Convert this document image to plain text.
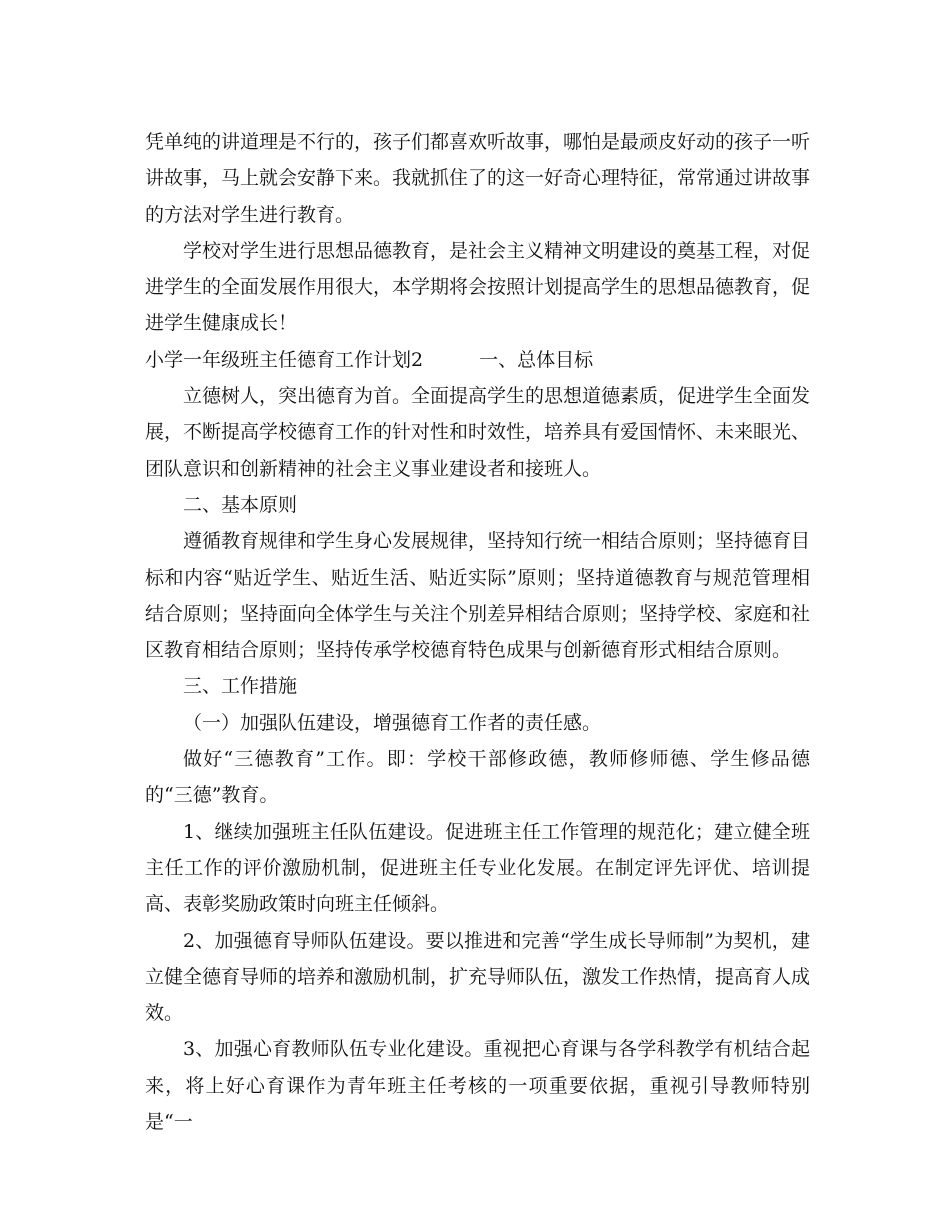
凭单纯的讲道理是不行的，孩子们都喜欢听故事，哪怕是最顽皮好动的孩子一听讲故事，马上就会安静下来。我就抓住了的这一好奇心理特征，常常通过讲故事的方法对学生进行教育。

学校对学生进行思想品德教育，是社会主义精神文明建设的奠基工程，对促进学生的全面发展作用很大，本学期将会按照计划提高学生的思想品德教育，促进学生健康成长！

小学一年级班主任德育工作计划2	一、总体目标

立德树人，突出德育为首。全面提高学生的思想道德素质，促进学生全面发展，不断提高学校德育工作的针对性和时效性，培养具有爱国情怀、未来眼光、团队意识和创新精神的社会主义事业建设者和接班人。

二、基本原则

遵循教育规律和学生身心发展规律，坚持知行统一相结合原则；坚持德育目标和内容“贴近学生、贴近生活、贴近实际”原则；坚持道德教育与规范管理相结合原则；坚持面向全体学生与关注个别差异相结合原则；坚持学校、家庭和社区教育相结合原则；坚持传承学校德育特色成果与创新德育形式相结合原则。

三、工作措施

（一）加强队伍建设，增强德育工作者的责任感。

做好“三德教育”工作。即：学校干部修政德，教师修师德、学生修品德的“三德”教育。

1、继续加强班主任队伍建设。促进班主任工作管理的规范化；建立健全班主任工作的评价激励机制，促进班主任专业化发展。在制定评先评优、培训提高、表彰奖励政策时向班主任倾斜。

2、加强德育导师队伍建设。要以推进和完善“学生成长导师制”为契机，建立健全德育导师的培养和激励机制，扩充导师队伍，激发工作热情，提高育人成效。

3、加强心育教师队伍专业化建设。重视把心育课与各学科教学有机结合起来，将上好心育课作为青年班主任考核的一项重要依据，重视引导教师特别是“一
